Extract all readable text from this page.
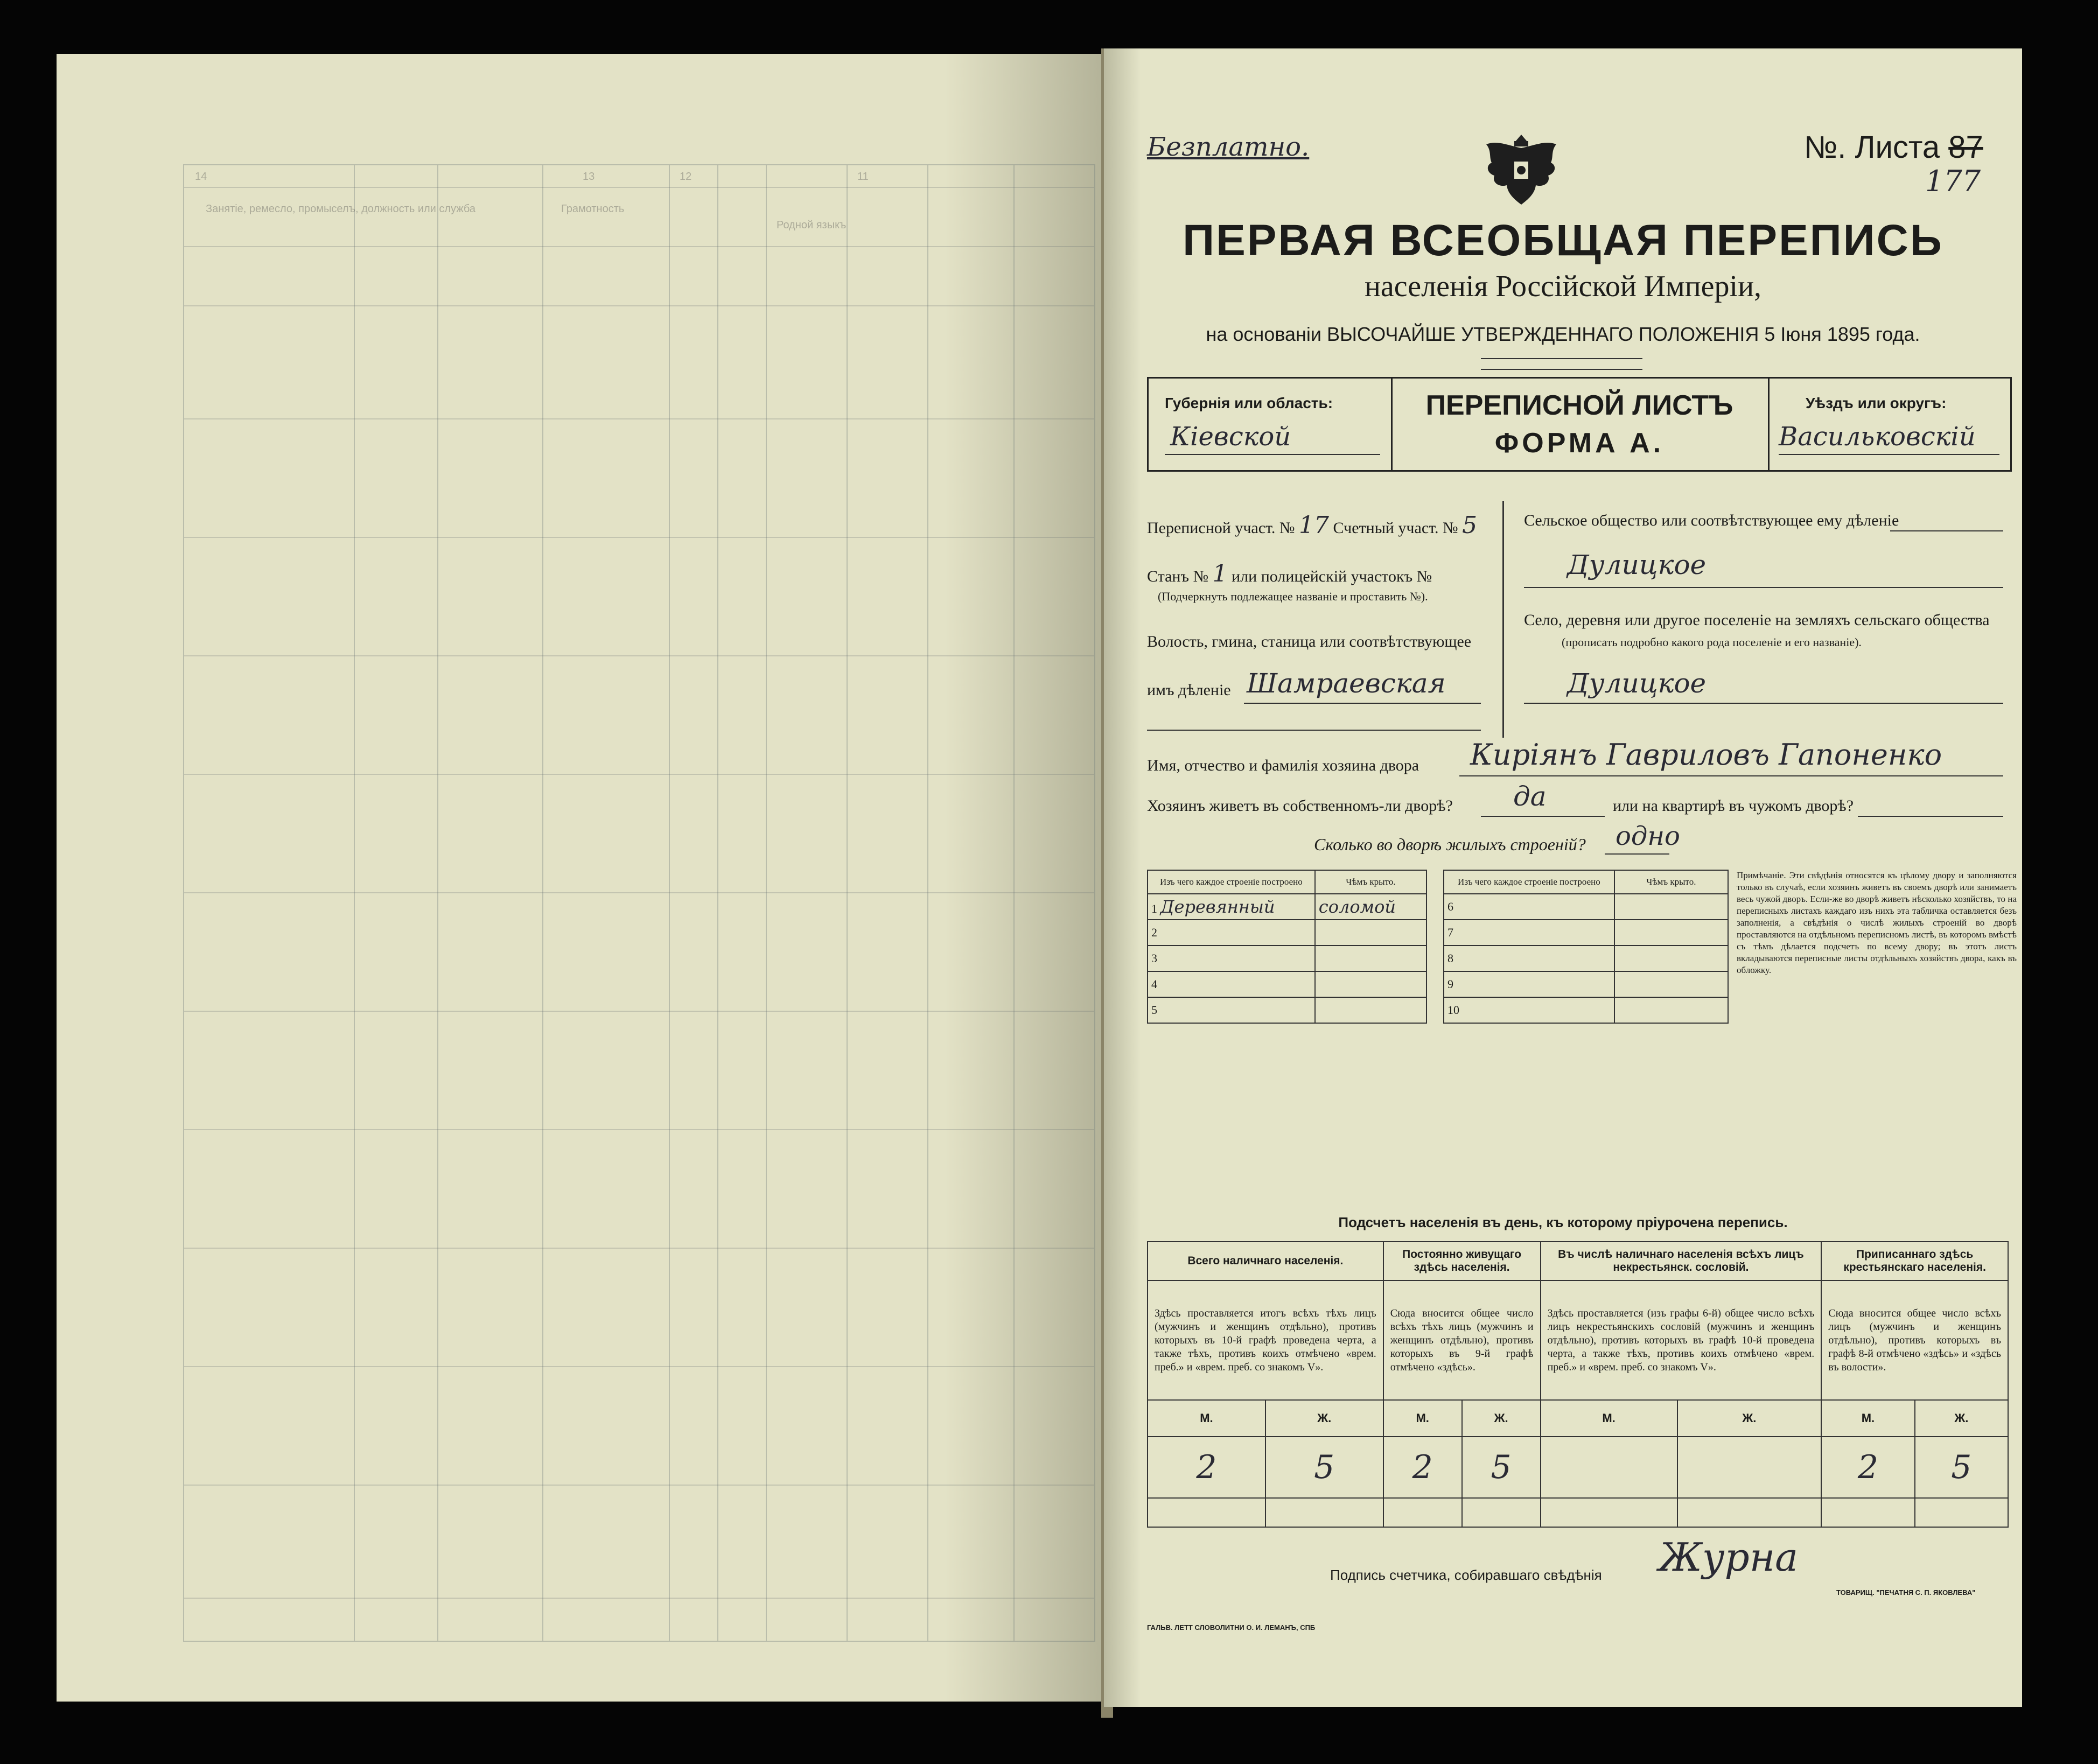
14	13	12	11
Занятіе, ремесло, промыселъ, должность или служба	Грамотность
Родной языкъ
Безплатно.	№. Листа 87
177
ПЕРВАЯ ВСЕОБЩАЯ ПЕРЕПИСЬ
населенія Россійской Имперіи,
на основаніи ВЫСОЧАЙШЕ УТВЕРЖДЕННАГО ПОЛОЖЕНІЯ 5 Іюня 1895 года.
Губернія или область:
Кіевской
ПЕРЕПИСНОЙ ЛИСТЪ
ФОРМА А.
Уѣздъ или округъ:
Васильковскій
Переписной участ. № 17 Счетный участ. № 5
Станъ № 1 или полицейскій участокъ №
(Подчеркнуть подлежащее названіе и проставить №).
Волость, гмина, станица или соотвѣтствующее
имъ дѣленіе Шамраевская
Сельское общество или соотвѣтствующее ему дѣленіе
Дулицкое
Село, деревня или другое поселеніе на земляхъ сельскаго общества
(прописать подробно какого рода поселеніе и его названіе).
Дулицкое
Имя, отчество и фамилія хозяина двора Киріянъ Гавриловъ Гапоненко
Хозяинъ живетъ въ собственномъ-ли дворѣ? да	или на квартирѣ въ чужомъ дворѣ?
Сколько во дворѣ жилыхъ строеній? одно
Изъ чего каждое строеніе построено	Чѣмъ крыто.
1 Деревянный	соломой
2	
3	
4	
5	
Изъ чего каждое строеніе построено	Чѣмъ крыто.
6	
7	
8	
9	
10	
Примѣчаніе. Эти свѣдѣнія относятся къ цѣлому двору и заполняются только въ случаѣ, если хозяинъ живетъ въ своемъ дворѣ или занимаетъ весь чужой дворъ. Если-же во дворѣ живетъ нѣсколько хозяйствъ, то на переписныхъ листахъ каждаго изъ нихъ эта табличка оставляется безъ заполненія, а свѣдѣнія о числѣ жилыхъ строеній во дворѣ проставляются на отдѣльномъ переписномъ листѣ, въ которомъ вмѣстѣ съ тѣмъ дѣлается подсчетъ по всему двору; въ этотъ листъ вкладываются переписные листы отдѣльныхъ хозяйствъ двора, какъ въ обложку.
Подсчетъ населенія въ день, къ которому пріурочена перепись.
Всего наличнаго населенія.		Постоянно живущаго здѣсь населенія.		Въ числѣ наличнаго населенія всѣхъ лицъ некрестьянск. сословій.		Приписаннаго здѣсь крестьянскаго населенія.	
Здѣсь проставляется итогъ всѣхъ тѣхъ лицъ (мужчинъ и женщинъ отдѣльно), противъ которыхъ въ 10-й графѣ проведена черта, а также тѣхъ, противъ коихъ отмѣчено «врем. преб.» и «врем. преб. со знакомъ V».		Сюда вносится общее число всѣхъ тѣхъ лицъ (мужчинъ и женщинъ отдѣльно), противъ которыхъ въ 9-й графѣ отмѣчено «здѣсь».		Здѣсь проставляется (изъ графы 6-й) общее число всѣхъ лицъ некрестьянскихъ сословій (мужчинъ и женщинъ отдѣльно), противъ которыхъ въ графѣ 10-й проведена черта, а также тѣхъ, противъ коихъ отмѣчено «врем. преб.» и «врем. преб. со знакомъ V».		Сюда вносится общее число всѣхъ лицъ (мужчинъ и женщинъ отдѣльно), противъ которыхъ въ графѣ 8-й отмѣчено «здѣсь» и «здѣсь въ волости».	
М.	Ж.	М.	Ж.	М.	Ж.	М.	Ж.
2	5	2	5			2	5

Подпись счетчика, собиравшаго свѣдѣнія Журна
ГАЛЬВ. ЛЕТТ СЛОВОЛИТНИ О. И. ЛЕМАНЪ, СПБ
ТОВАРИЩ. "ПЕЧАТНЯ С. П. ЯКОВЛЕВА"
